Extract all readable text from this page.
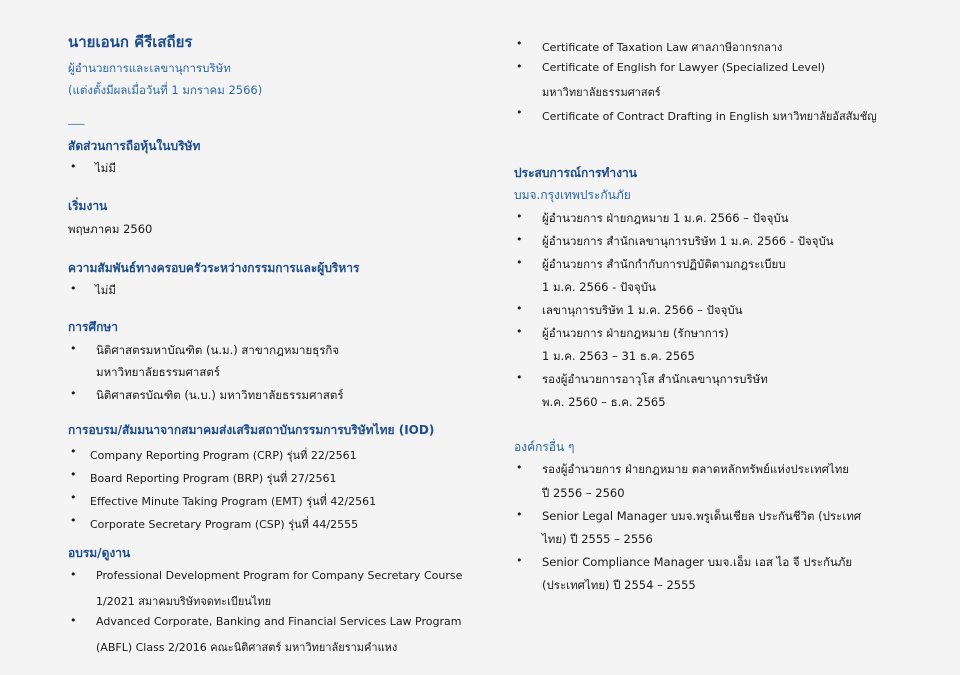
นายเอนก คีรีเสถียร
ผู้อำนวยการและเลขานุการบริษัท
(แต่งตั้งมีผลเมื่อวันที่ 1 มกราคม 2566)
___
สัดส่วนการถือหุ้นในบริษัท
• ไม่มี
เริ่มงาน
พฤษภาคม 2560
ความสัมพันธ์ทางครอบครัวระหว่างกรรมการและผู้บริหาร
• ไม่มี
การศึกษา
• นิติศาสตรมหาบัณฑิต (น.ม.) สาขากฎหมายธุรกิจ
มหาวิทยาลัยธรรมศาสตร์
• นิติศาสตรบัณฑิต (น.บ.) มหาวิทยาลัยธรรมศาสตร์
การอบรม/สัมมนาจากสมาคมส่งเสริมสถาบันกรรมการบริษัทไทย (IOD)
• Company Reporting Program (CRP) รุ่นที่ 22/2561
• Board Reporting Program (BRP) รุ่นที่ 27/2561
• Effective Minute Taking Program (EMT) รุ่นที่ 42/2561
• Corporate Secretary Program (CSP) รุ่นที่ 44/2555
อบรม/ดูงาน
• Professional Development Program for Company Secretary Course
1/2021 สมาคมบริษัทจดทะเบียนไทย
• Advanced Corporate, Banking and Financial Services Law Program
(ABFL) Class 2/2016 คณะนิติศาสตร์ มหาวิทยาลัยรามคำแหง
• Certificate of Taxation Law ศาลภาษีอากรกลาง
• Certificate of English for Lawyer (Specialized Level)
มหาวิทยาลัยธรรมศาสตร์
• Certificate of Contract Drafting in English มหาวิทยาลัยอัสสัมชัญ
ประสบการณ์การทำงาน
บมจ.กรุงเทพประกันภัย
• ผู้อำนวยการ ฝ่ายกฎหมาย 1 ม.ค. 2566 – ปัจจุบัน
• ผู้อำนวยการ สำนักเลขานุการบริษัท 1 ม.ค. 2566 - ปัจจุบัน
• ผู้อำนวยการ สำนักกำกับการปฏิบัติตามกฎระเบียบ
1 ม.ค. 2566 - ปัจจุบัน
• เลขานุการบริษัท 1 ม.ค. 2566 – ปัจจุบัน
• ผู้อำนวยการ ฝ่ายกฎหมาย (รักษาการ)
1 ม.ค. 2563 – 31 ธ.ค. 2565
• รองผู้อำนวยการอาวุโส สำนักเลขานุการบริษัท
พ.ค. 2560 – ธ.ค. 2565
องค์กรอื่น ๆ
• รองผู้อำนวยการ ฝ่ายกฎหมาย ตลาดหลักทรัพย์แห่งประเทศไทย
ปี 2556 – 2560
• Senior Legal Manager บมจ.พรูเด็นเชียล ประกันชีวิต (ประเทศ
ไทย) ปี 2555 – 2556
• Senior Compliance Manager บมจ.เอ็ม เอส ไอ จี ประกันภัย
(ประเทศไทย) ปี 2554 – 2555
